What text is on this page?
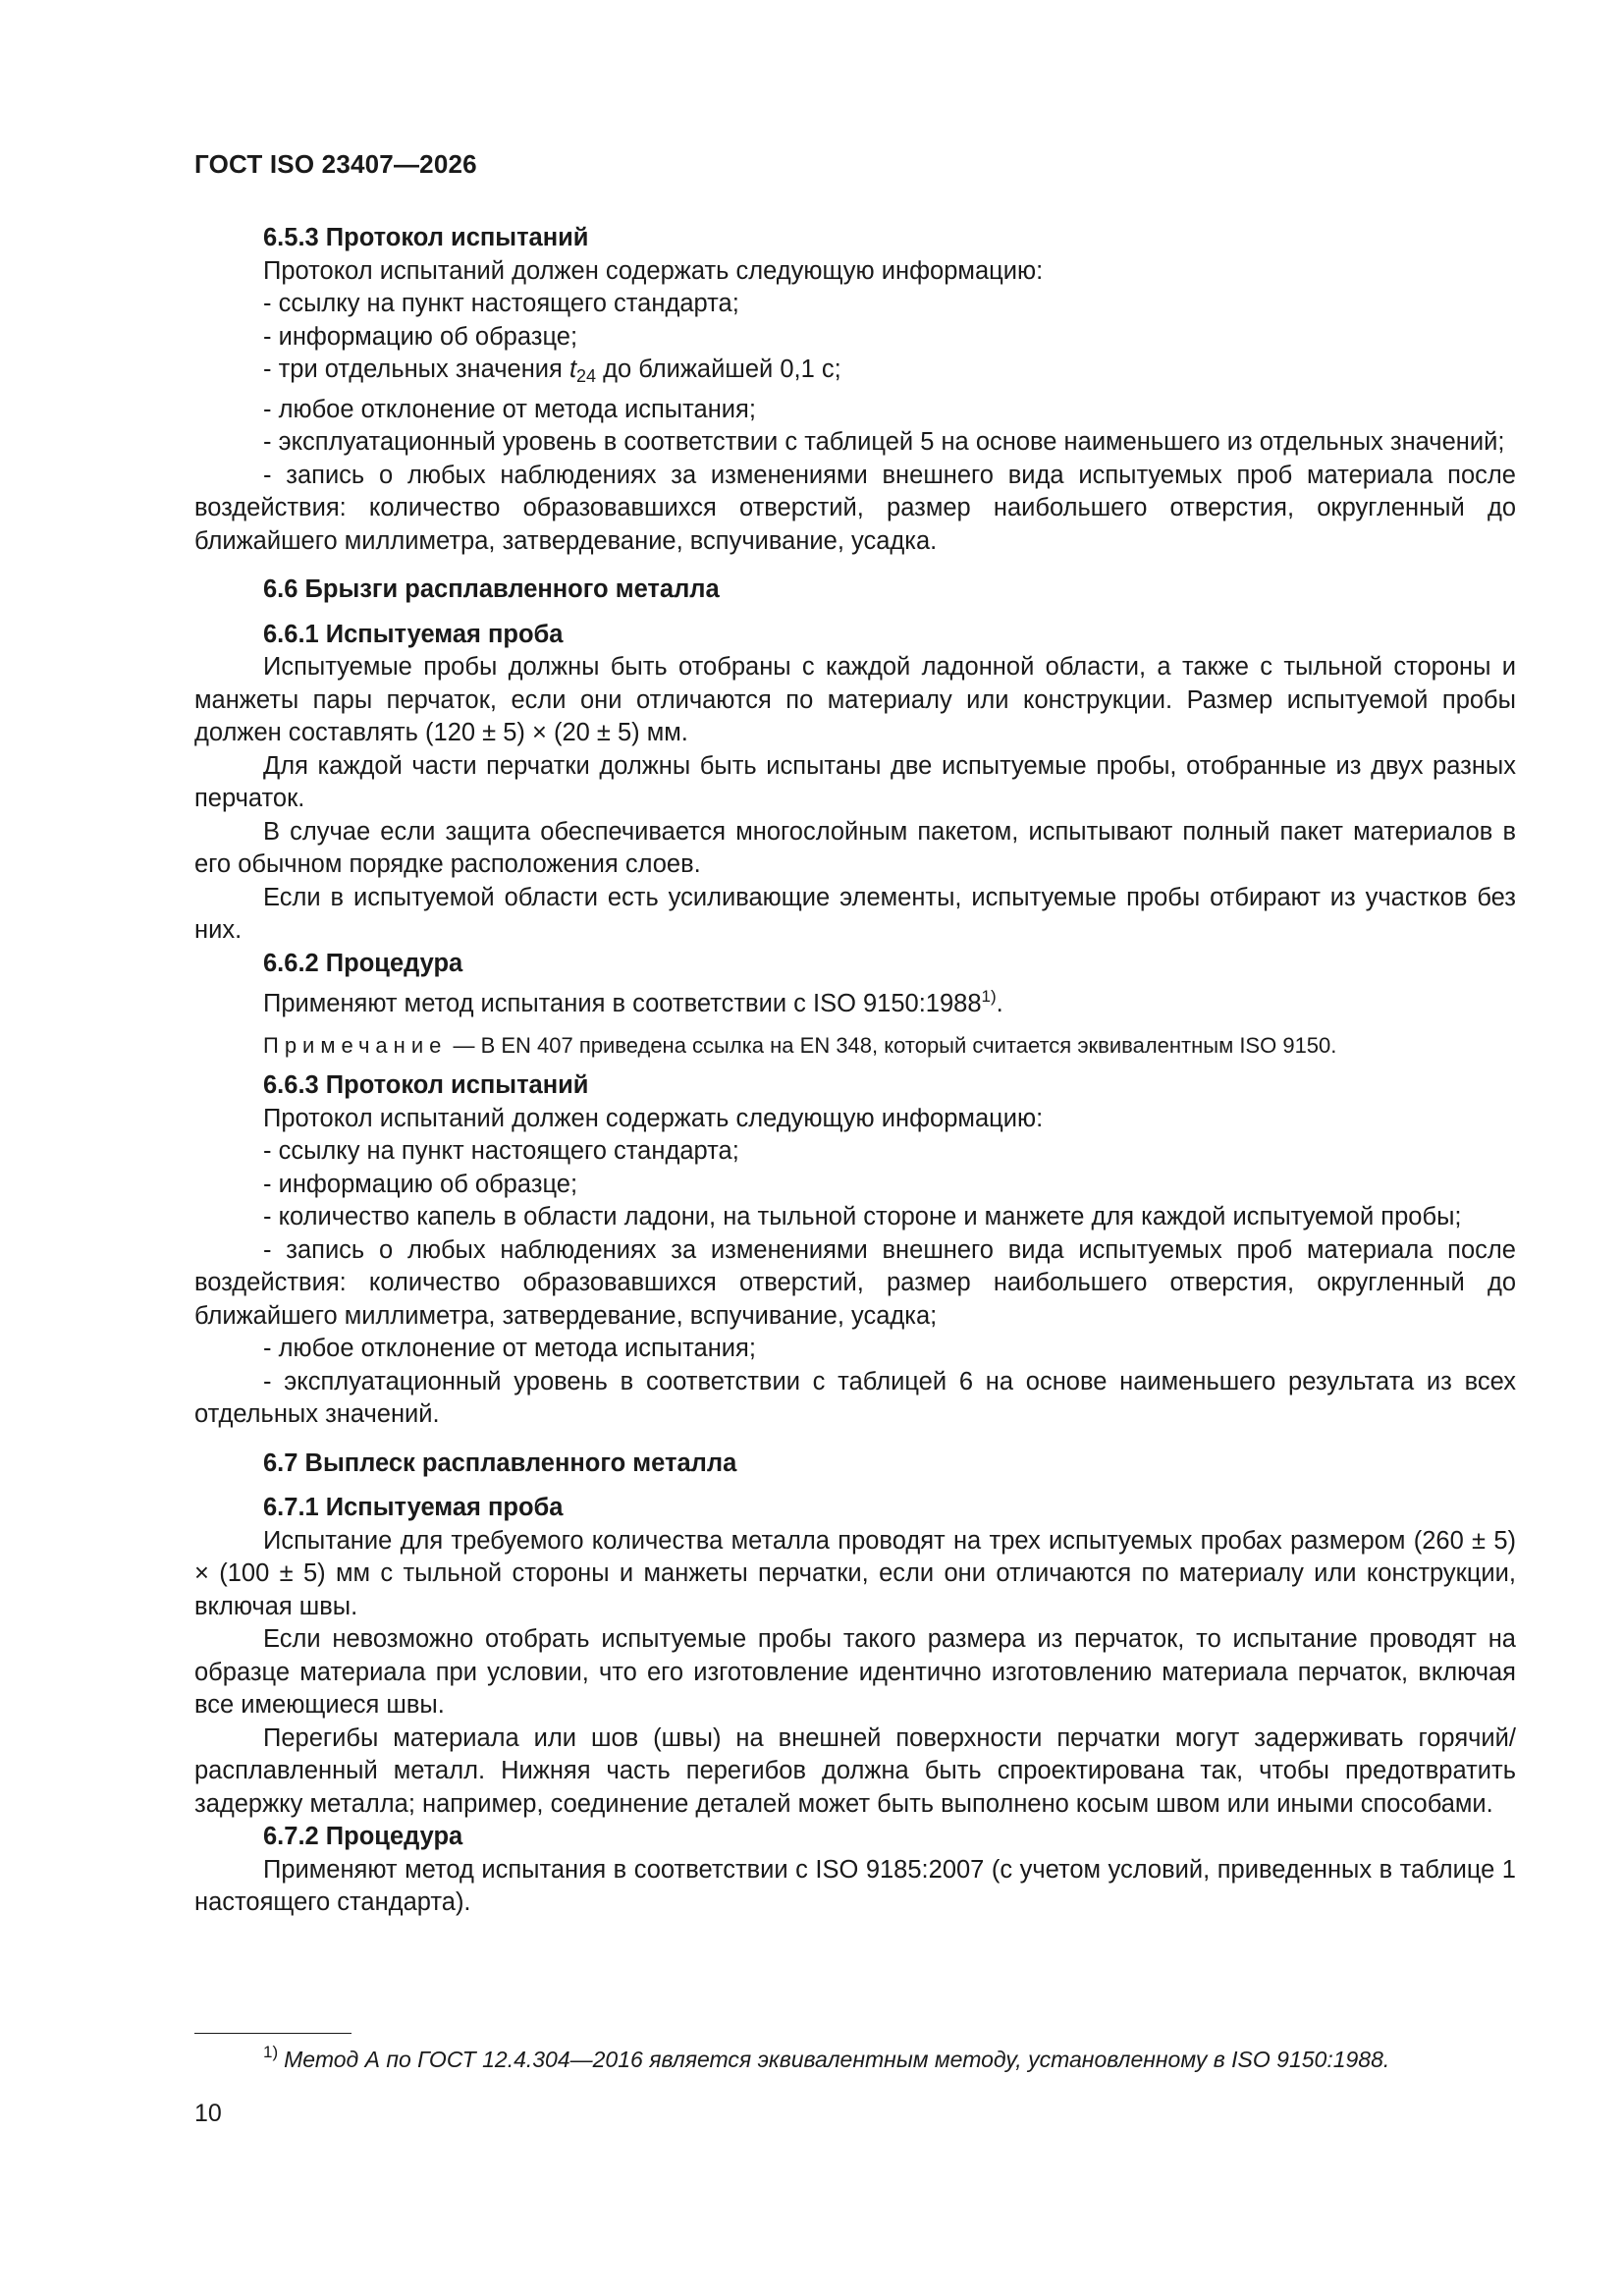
ГОСТ ISO 23407—2026

6.5.3 Протокол испытаний

Протокол испытаний должен содержать следующую информацию:

- ссылку на пункт настоящего стандарта;

- информацию об образце;

- три отдельных значения $t_{24}$ до ближайшей 0,1 с;

- любое отклонение от метода испытания;

- эксплуатационный уровень в соответствии с таблицей 5 на основе наименьшего из отдельных значений;

- запись о любых наблюдениях за изменениями внешнего вида испытуемых проб материала после воздействия: количество образовавшихся отверстий, размер наибольшего отверстия, округленный до ближайшего миллиметра, затвердевание, вспучивание, усадка.

6.6 Брызги расплавленного металла

6.6.1 Испытуемая проба

Испытуемые пробы должны быть отобраны с каждой ладонной области, а также с тыльной стороны и манжеты пары перчаток, если они отличаются по материалу или конструкции. Размер испытуемой пробы должен составлять (120 ± 5) × (20 ± 5) мм.

Для каждой части перчатки должны быть испытаны две испытуемые пробы, отобранные из двух разных перчаток.

В случае если защита обеспечивается многослойным пакетом, испытывают полный пакет материалов в его обычном порядке расположения слоев.

Если в испытуемой области есть усиливающие элементы, испытуемые пробы отбирают из участков без них.

6.6.2 Процедура

Применяют метод испытания в соответствии с ISO 9150:1988$^{1)}$.

Примечание — В EN 407 приведена ссылка на EN 348, который считается эквивалентным ISO 9150.

6.6.3 Протокол испытаний

Протокол испытаний должен содержать следующую информацию:

- ссылку на пункт настоящего стандарта;

- информацию об образце;

- количество капель в области ладони, на тыльной стороне и манжете для каждой испытуемой пробы;

- запись о любых наблюдениях за изменениями внешнего вида испытуемых проб материала после воздействия: количество образовавшихся отверстий, размер наибольшего отверстия, округленный до ближайшего миллиметра, затвердевание, вспучивание, усадка;

- любое отклонение от метода испытания;

- эксплуатационный уровень в соответствии с таблицей 6 на основе наименьшего результата из всех отдельных значений.

6.7 Выплеск расплавленного металла

6.7.1 Испытуемая проба

Испытание для требуемого количества металла проводят на трех испытуемых пробах размером (260 ± 5) × (100 ± 5) мм с тыльной стороны и манжеты перчатки, если они отличаются по материалу или конструкции, включая швы.

Если невозможно отобрать испытуемые пробы такого размера из перчаток, то испытание проводят на образце материала при условии, что его изготовление идентично изготовлению материала перчаток, включая все имеющиеся швы.

Перегибы материала или шов (швы) на внешней поверхности перчатки могут задерживать горячий/расплавленный металл. Нижняя часть перегибов должна быть спроектирована так, чтобы предотвратить задержку металла; например, соединение деталей может быть выполнено косым швом или иными способами.

6.7.2 Процедура

Применяют метод испытания в соответствии с ISO 9185:2007 (с учетом условий, приведенных в таблице 1 настоящего стандарта).

$^{1)}$ Метод А по ГОСТ 12.4.304—2016 является эквивалентным методу, установленному в ISO 9150:1988.
10
